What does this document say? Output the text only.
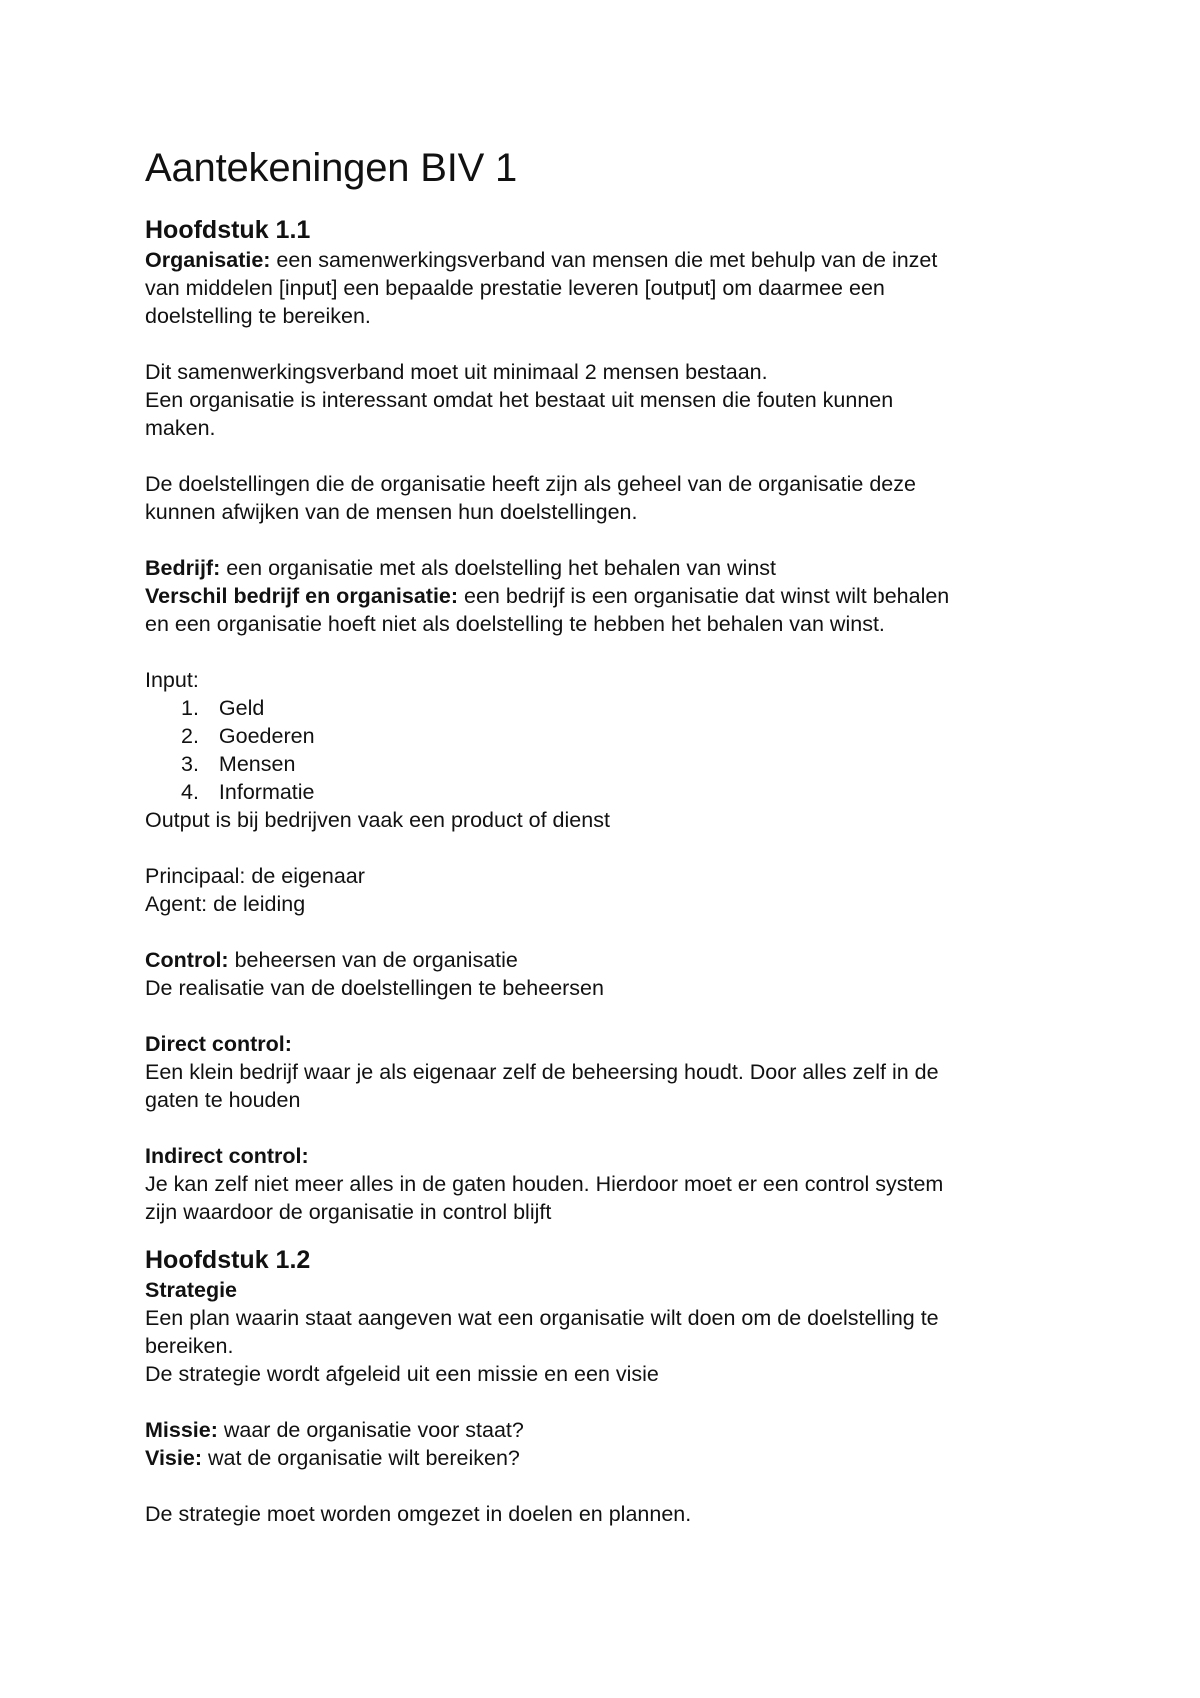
Aantekeningen BIV 1
Hoofdstuk 1.1
Organisatie: een samenwerkingsverband van mensen die met behulp van de inzet
van middelen [input] een bepaalde prestatie leveren [output] om daarmee een
doelstelling te bereiken.
Dit samenwerkingsverband moet uit minimaal 2 mensen bestaan.
Een organisatie is interessant omdat het bestaat uit mensen die fouten kunnen
maken.
De doelstellingen die de organisatie heeft zijn als geheel van de organisatie deze
kunnen afwijken van de mensen hun doelstellingen.
Bedrijf: een organisatie met als doelstelling het behalen van winst
Verschil bedrijf en organisatie: een bedrijf is een organisatie dat winst wilt behalen
en een organisatie hoeft niet als doelstelling te hebben het behalen van winst.
Input:
1. Geld
2. Goederen
3. Mensen
4. Informatie
Output is bij bedrijven vaak een product of dienst
Principaal: de eigenaar
Agent: de leiding
Control: beheersen van de organisatie
De realisatie van de doelstellingen te beheersen
Direct control:
Een klein bedrijf waar je als eigenaar zelf de beheersing houdt. Door alles zelf in de
gaten te houden
Indirect control:
Je kan zelf niet meer alles in de gaten houden. Hierdoor moet er een control system
zijn waardoor de organisatie in control blijft
Hoofdstuk 1.2
Strategie
Een plan waarin staat aangeven wat een organisatie wilt doen om de doelstelling te
bereiken.
De strategie wordt afgeleid uit een missie en een visie
Missie: waar de organisatie voor staat?
Visie: wat de organisatie wilt bereiken?
De strategie moet worden omgezet in doelen en plannen.
